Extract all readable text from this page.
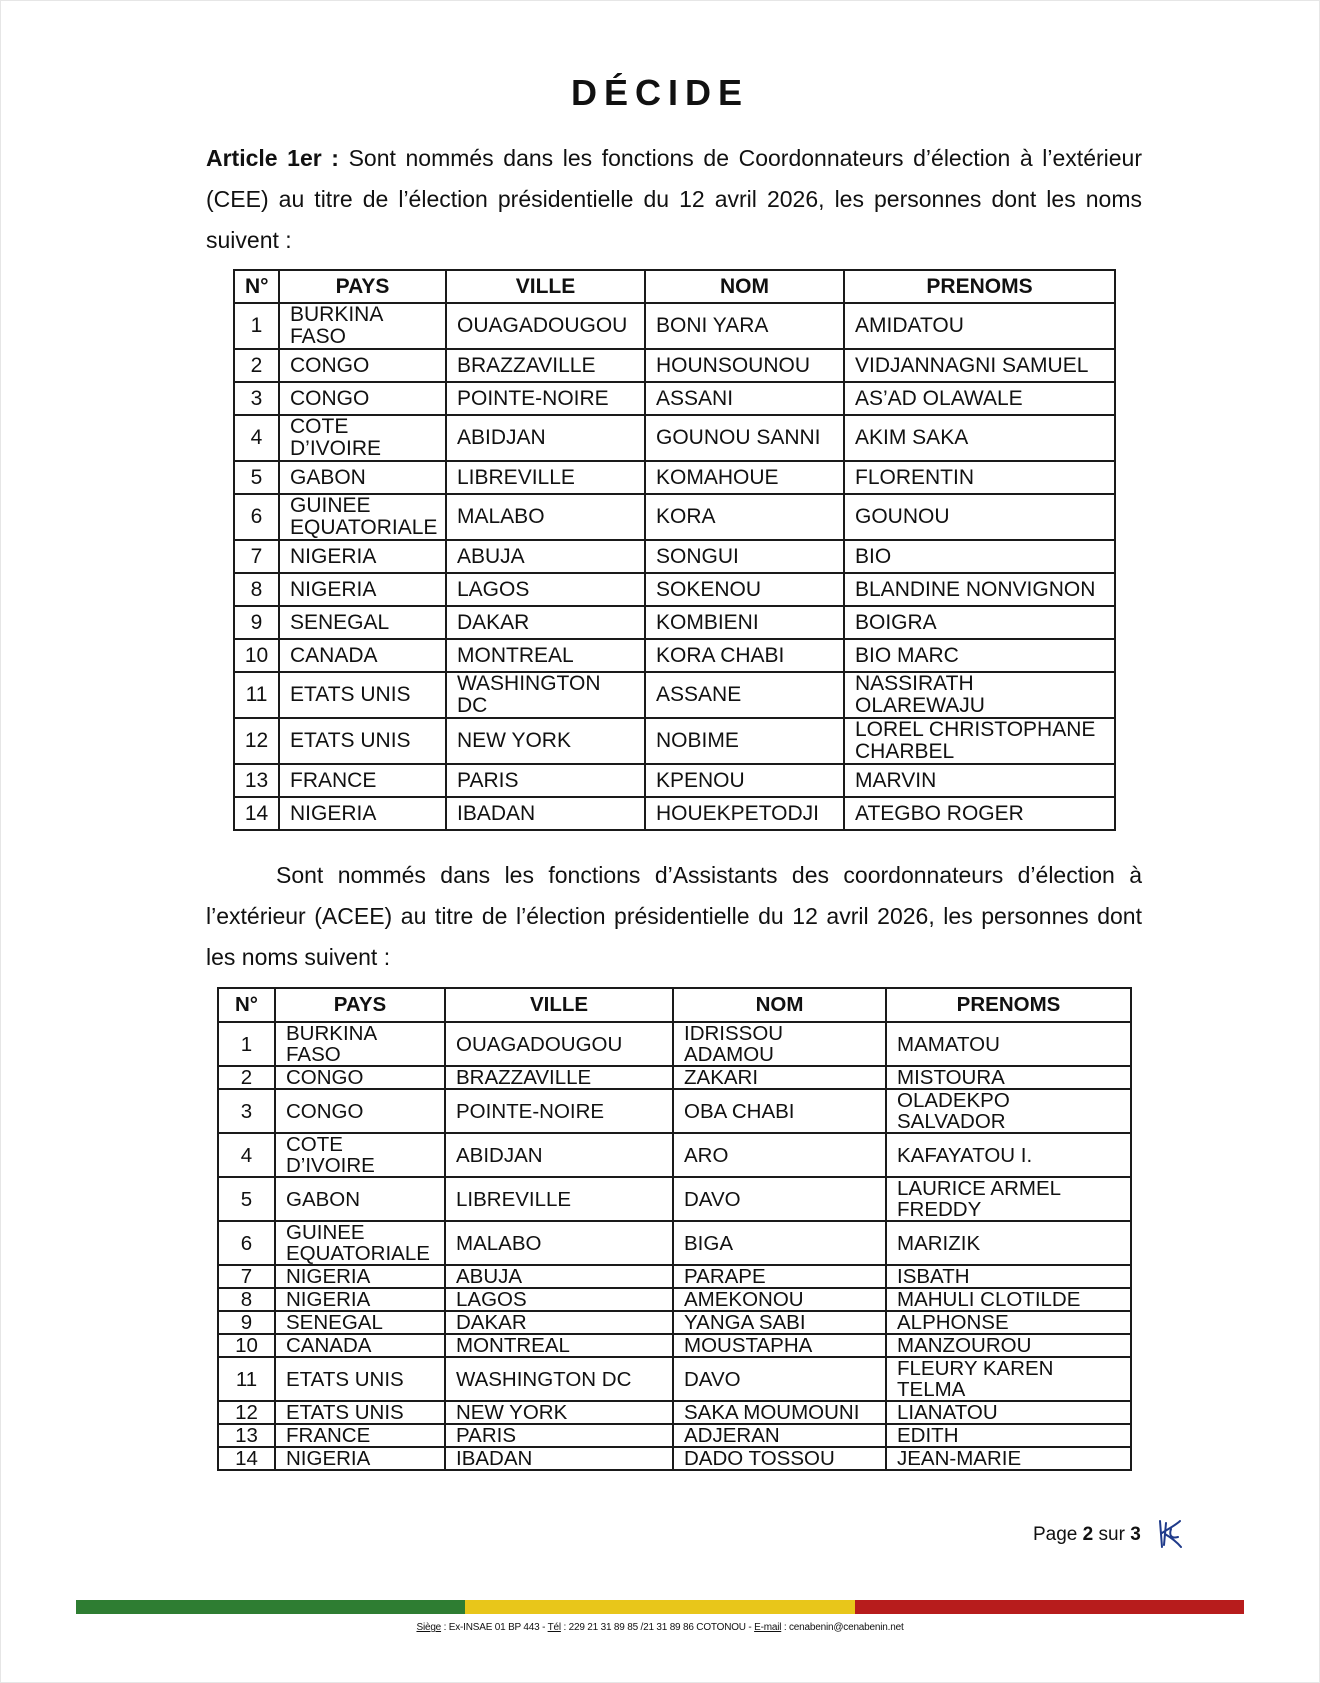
DÉCIDE
Article 1er : Sont nommés dans les fonctions de Coordonnateurs d’élection à l’extérieur (CEE) au titre de l’élection présidentielle du 12 avril 2026, les personnes dont les noms suivent :
N°	PAYS	VILLE	NOM	PRENOMS
1	BURKINA FASO	OUAGADOUGOU	BONI YARA	AMIDATOU
2	CONGO	BRAZZAVILLE	HOUNSOUNOU	VIDJANNAGNI SAMUEL
3	CONGO	POINTE-NOIRE	ASSANI	AS’AD OLAWALE
4	COTE D’IVOIRE	ABIDJAN	GOUNOU SANNI	AKIM SAKA
5	GABON	LIBREVILLE	KOMAHOUE	FLORENTIN
6	GUINEE EQUATORIALE	MALABO	KORA	GOUNOU
7	NIGERIA	ABUJA	SONGUI	BIO
8	NIGERIA	LAGOS	SOKENOU	BLANDINE NONVIGNON
9	SENEGAL	DAKAR	KOMBIENI	BOIGRA
10	CANADA	MONTREAL	KORA CHABI	BIO MARC
11	ETATS UNIS	WASHINGTON DC	ASSANE	NASSIRATH OLAREWAJU
12	ETATS UNIS	NEW YORK	NOBIME	LOREL CHRISTOPHANE CHARBEL
13	FRANCE	PARIS	KPENOU	MARVIN
14	NIGERIA	IBADAN	HOUEKPETODJI	ATEGBO ROGER
Sont nommés dans les fonctions d’Assistants des coordonnateurs d’élection à l’extérieur (ACEE) au titre de l’élection présidentielle du 12 avril 2026, les personnes dont les noms suivent :
N°	PAYS	VILLE	NOM	PRENOMS
1	BURKINA FASO	OUAGADOUGOU	IDRISSOU ADAMOU	MAMATOU
2	CONGO	BRAZZAVILLE	ZAKARI	MISTOURA
3	CONGO	POINTE-NOIRE	OBA CHABI	OLADEKPO SALVADOR
4	COTE D’IVOIRE	ABIDJAN	ARO	KAFAYATOU I.
5	GABON	LIBREVILLE	DAVO	LAURICE ARMEL FREDDY
6	GUINEE EQUATORIALE	MALABO	BIGA	MARIZIK
7	NIGERIA	ABUJA	PARAPE	ISBATH
8	NIGERIA	LAGOS	AMEKONOU	MAHULI CLOTILDE
9	SENEGAL	DAKAR	YANGA SABI	ALPHONSE
10	CANADA	MONTREAL	MOUSTAPHA	MANZOUROU
11	ETATS UNIS	WASHINGTON DC	DAVO	FLEURY KAREN TELMA
12	ETATS UNIS	NEW YORK	SAKA MOUMOUNI	LIANATOU
13	FRANCE	PARIS	ADJERAN	EDITH
14	NIGERIA	IBADAN	DADO TOSSOU	JEAN-MARIE
Page 2 sur 3
Siège : Ex-INSAE 01 BP 443 - Tél : 229 21 31 89 85 /21 31 89 86 COTONOU - E-mail : cenabenin@cenabenin.net
